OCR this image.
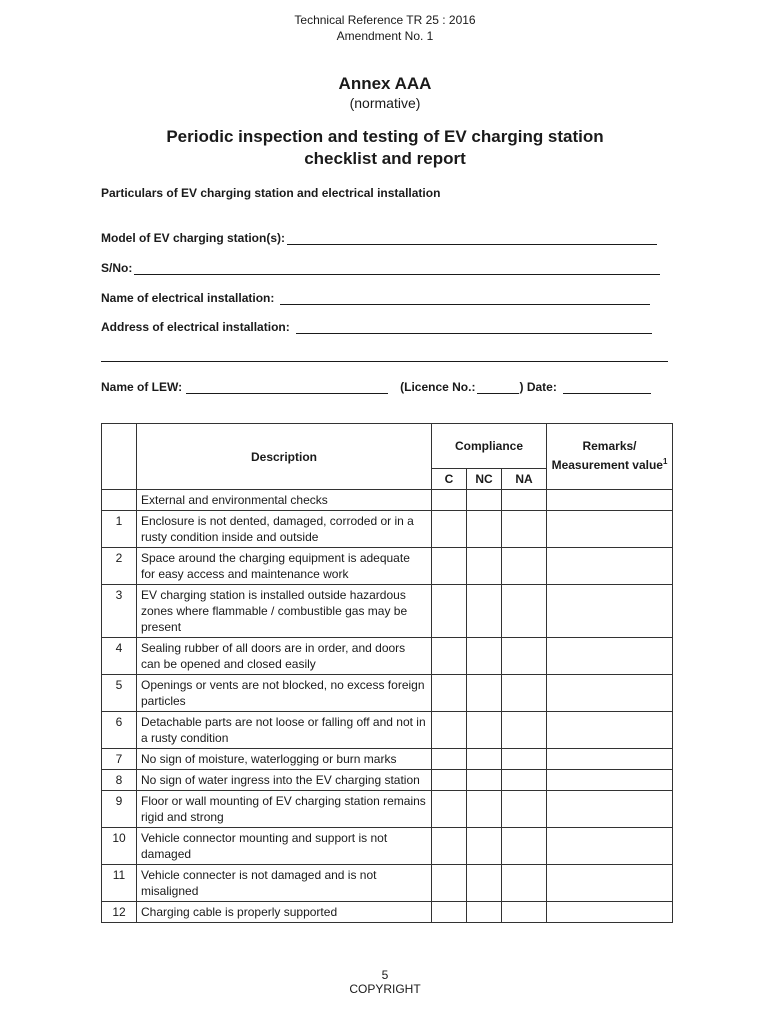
Technical Reference TR 25 : 2016
Amendment No. 1
Annex AAA
(normative)
Periodic inspection and testing of EV charging station
checklist and report
Particulars of EV charging station and electrical installation
Model of EV charging station(s):
S/No:
Name of electrical installation:
Address of electrical installation:
Name of LEW:	(Licence No.:	) Date:
	Description	Compliance			Remarks/ Measurement value$^1$
		C	NC	NA	
	External and environmental checks				
1	Enclosure is not dented, damaged, corroded or in a rusty condition inside and outside				
2	Space around the charging equipment is adequate for easy access and maintenance work				
3	EV charging station is installed outside hazardous zones where flammable / combustible gas may be present				
4	Sealing rubber of all doors are in order, and doors can be opened and closed easily				
5	Openings or vents are not blocked, no excess foreign particles				
6	Detachable parts are not loose or falling off and not in a rusty condition				
7	No sign of moisture, waterlogging or burn marks				
8	No sign of water ingress into the EV charging station				
9	Floor or wall mounting of EV charging station remains rigid and strong				
10	Vehicle connector mounting and support is not damaged				
11	Vehicle connecter is not damaged and is not misaligned				
12	Charging cable is properly supported				
5
COPYRIGHT
